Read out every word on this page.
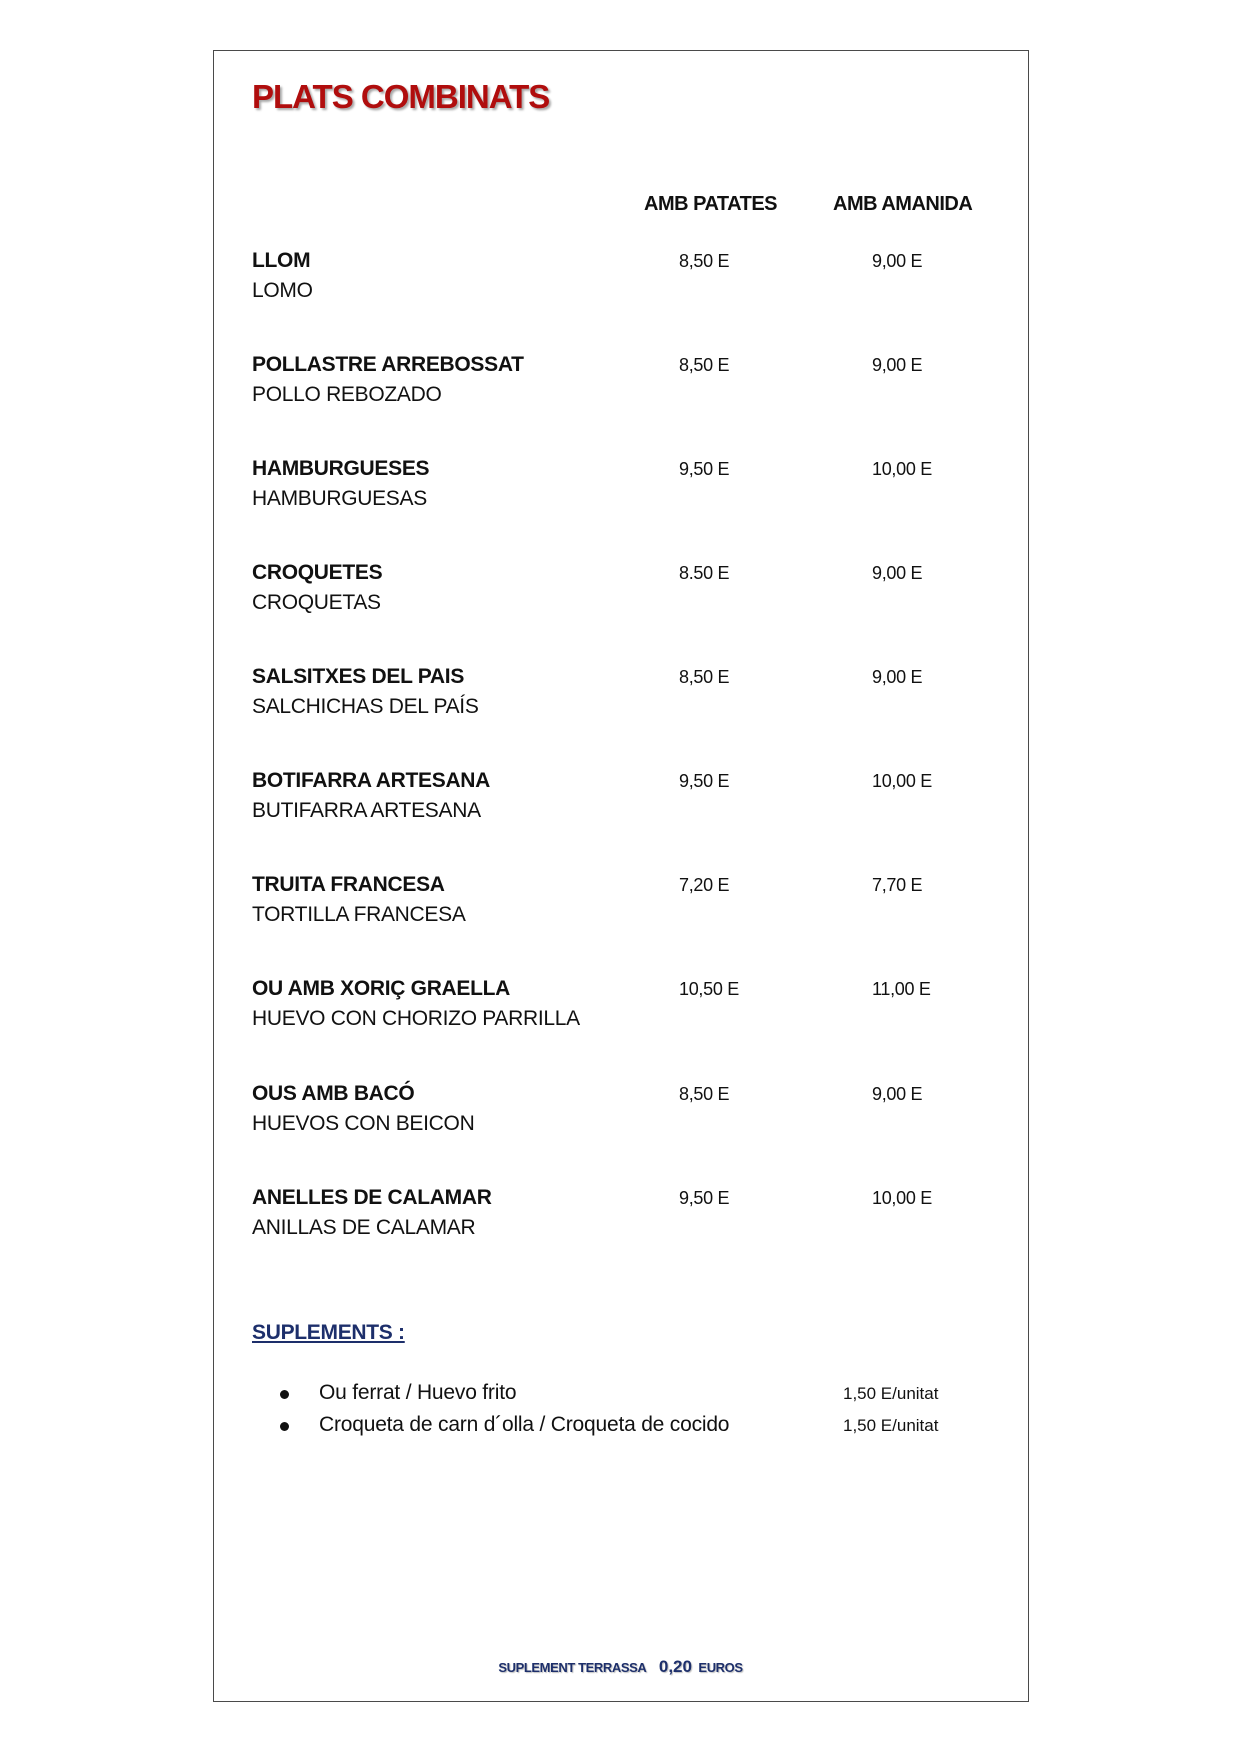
PLATS COMBINATS
AMB PATATES	AMB AMANIDA
LLOM
LOMO
8,50 E	9,00 E
POLLASTRE ARREBOSSAT
POLLO REBOZADO
8,50 E	9,00 E
HAMBURGUESES
HAMBURGUESAS
9,50 E	10,00 E
CROQUETES
CROQUETAS
8.50 E	9,00 E
SALSITXES DEL PAIS
SALCHICHAS DEL PAÍS
8,50 E	9,00 E
BOTIFARRA ARTESANA
BUTIFARRA ARTESANA
9,50 E	10,00 E
TRUITA FRANCESA
TORTILLA FRANCESA
7,20 E	7,70 E
OU AMB XORIÇ GRAELLA
HUEVO CON CHORIZO PARRILLA
10,50 E	11,00 E
OUS AMB BACÓ
HUEVOS CON BEICON
8,50 E	9,00 E
ANELLES DE CALAMAR
ANILLAS DE CALAMAR
9,50 E	10,00 E
SUPLEMENTS :
Ou ferrat / Huevo frito	1,50 E/unitat
Croqueta de carn d´olla / Croqueta de cocido	1,50 E/unitat
SUPLEMENT TERRASSA 0,20 EUROS
